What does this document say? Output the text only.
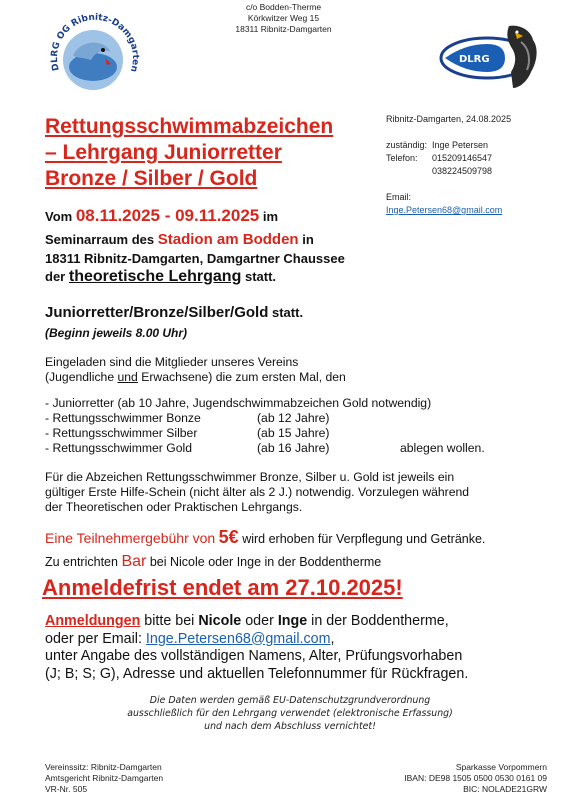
c/o Bodden-Therme
Körkwitzer Weg 15
18311 Ribnitz-Damgarten
DLRG OG Ribnitz-Damgarten
DLRG
Rettungsschwimmabzeichen
– Lehrgang Juniorretter
Bronze / Silber / Gold
Ribnitz-Damgarten, 24.08.2025
zuständig: Inge Petersen
Telefon:	015209146547
038224509798
Email:
Inge.Petersen68@gmail.com
Vom 08.11.2025 - 09.11.2025 im
Seminarraum des Stadion am Bodden in
18311 Ribnitz-Damgarten, Damgartner Chaussee
der theoretische Lehrgang statt.
Juniorretter/Bronze/Silber/Gold statt.
(Beginn jeweils 8.00 Uhr)
Eingeladen sind die Mitglieder unseres Vereins
(Jugendliche und Erwachsene) die zum ersten Mal, den
- Juniorretter (ab 10 Jahre, Jugendschwimmabzeichen Gold notwendig)
- Rettungsschwimmer Bonze	(ab 12 Jahre)
- Rettungsschwimmer Silber	(ab 15 Jahre)
- Rettungsschwimmer Gold	(ab 16 Jahre)	ablegen wollen.
Für die Abzeichen Rettungsschwimmer Bronze, Silber u. Gold ist jeweils ein
gültiger Erste Hilfe-Schein (nicht älter als 2 J.) notwendig. Vorzulegen während
der Theoretischen oder Praktischen Lehrgangs.
Eine Teilnehmergebühr von 5€ wird erhoben für Verpflegung und Getränke.
Zu entrichten Bar bei Nicole oder Inge in der Boddentherme
Anmeldefrist endet am 27.10.2025!
Anmeldungen bitte bei Nicole oder Inge in der Boddentherme,
oder per Email: Inge.Petersen68@gmail.com,
unter Angabe des vollständigen Namens, Alter, Prüfungsvorhaben
(J; B; S; G), Adresse und aktuellen Telefonnummer für Rückfragen.
Die Daten werden gemäß EU-Datenschutzgrundverordnung
ausschließlich für den Lehrgang verwendet (elektronische Erfassung)
und nach dem Abschluss vernichtet!
Vereinssitz: Ribnitz-Damgarten
Amtsgericht Ribnitz-Damgarten
VR-Nr. 505
Sparkasse Vorpommern
IBAN: DE98 1505 0500 0530 0161 09
BIC: NOLADE21GRW
